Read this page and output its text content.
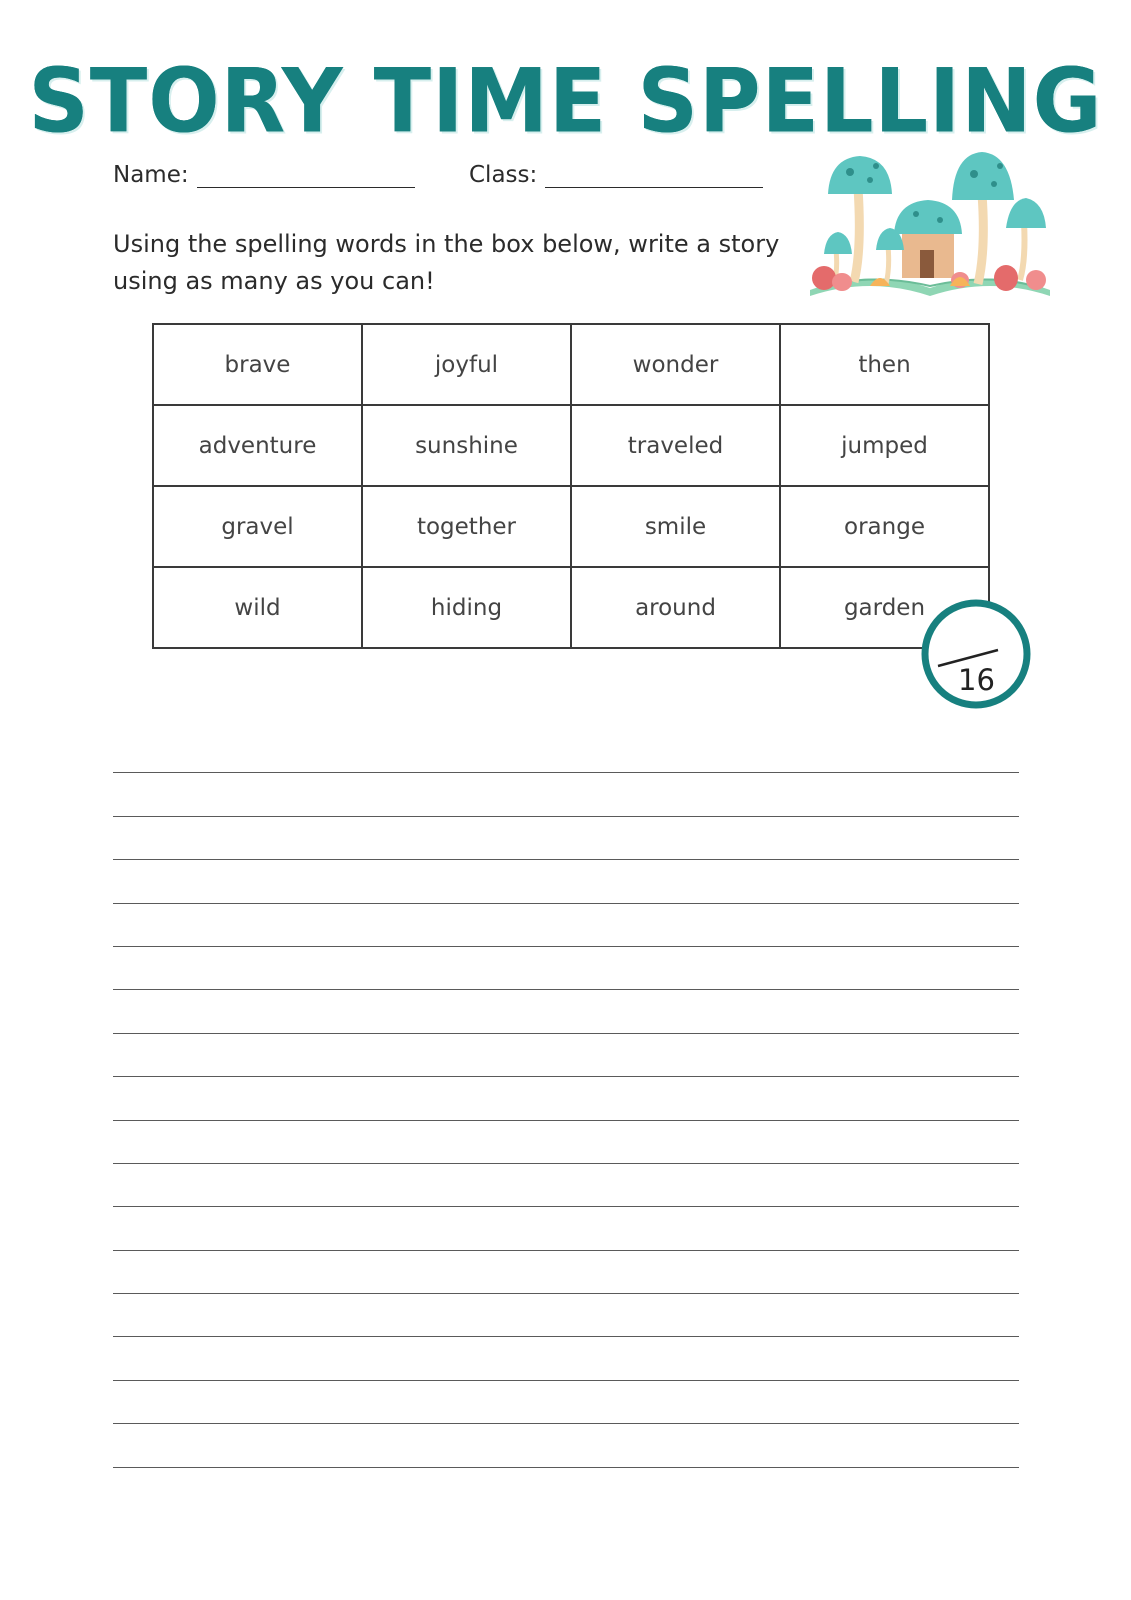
STORY TIME SPELLING
Name:	Class:
Using the spelling words in the box below, write a story using as many as you can!
brave	joyful	wonder	then
adventure	sunshine	traveled	jumped
gravel	together	smile	orange
wild	hiding	around	garden
16
